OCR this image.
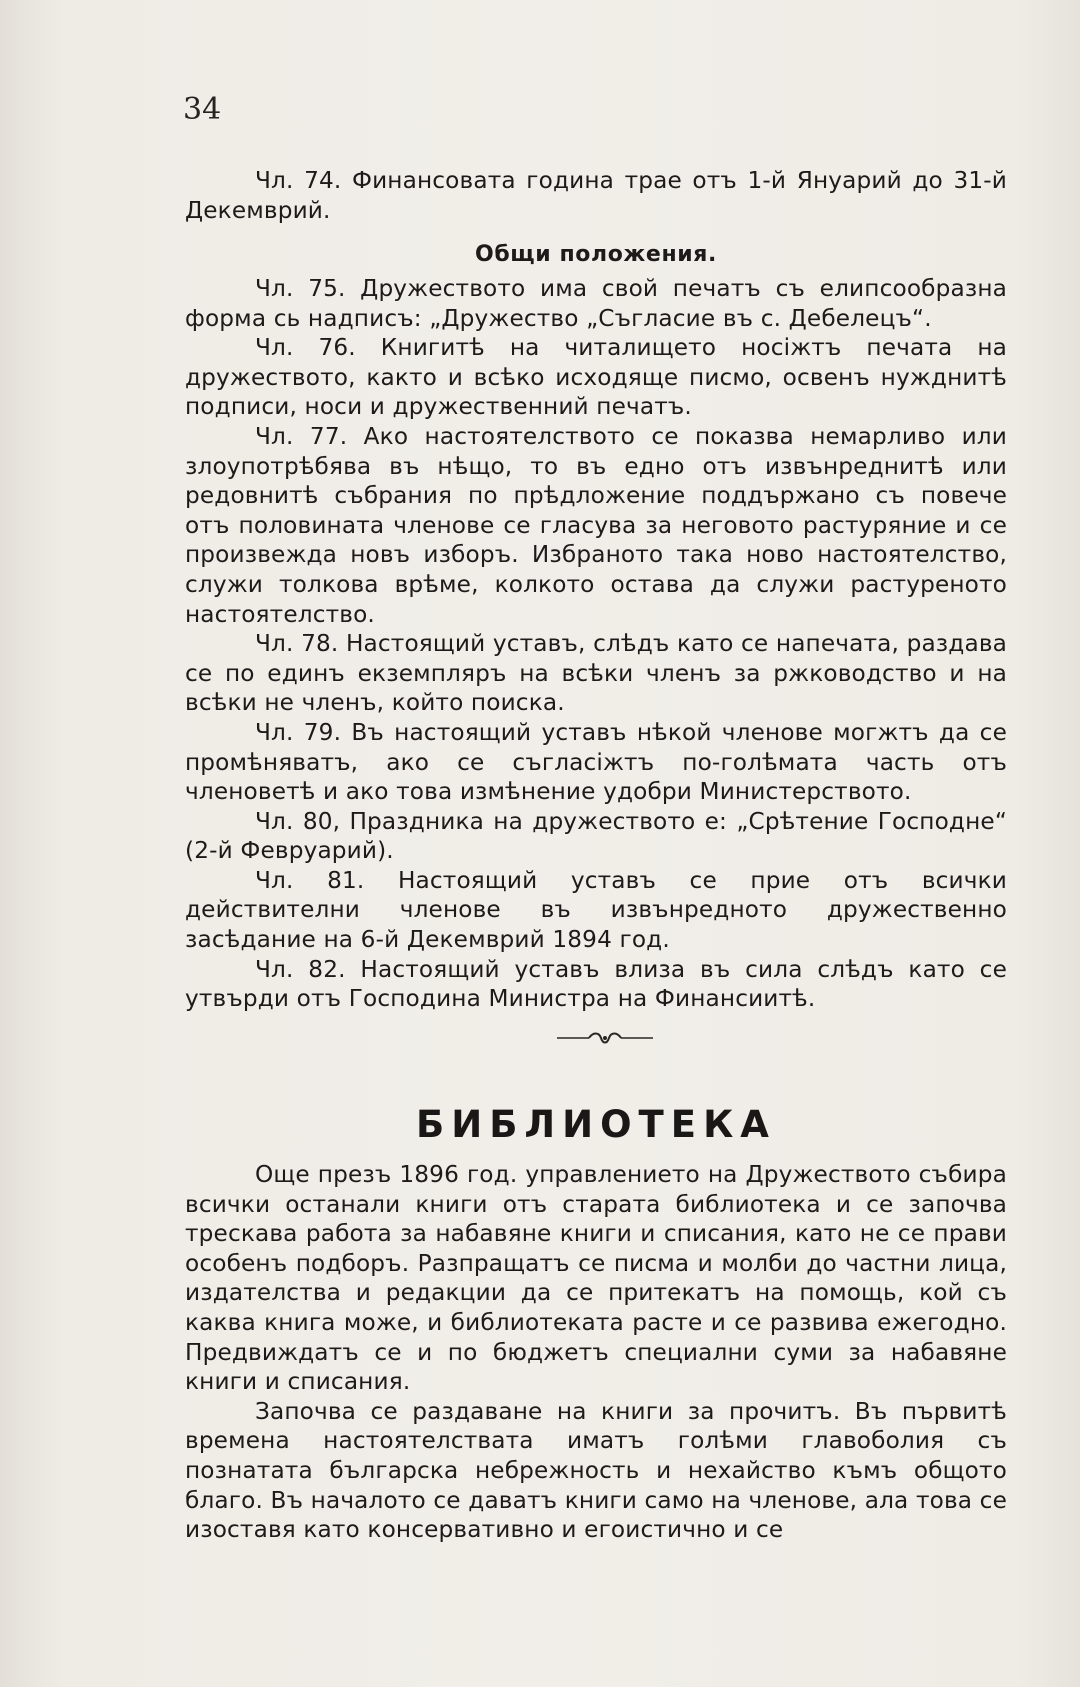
34

Чл. 74. Финансовата година трае отъ 1-й Януарий до 31-й Декемврий.

Общи положения.

Чл. 75. Дружеството има свой печатъ съ елипсообразна форма сь надписъ: „Дружество „Съгласие въ с. Дебелецъ“.

Чл. 76. Книгитѣ на читалището носіжтъ печата на дружеството, както и всѣко исходяще писмо, освенъ нужднитѣ подписи, носи и дружественний печатъ.

Чл. 77. Ако настоятелството се показва немарливо или злоупотрѣбява въ нѣщо, то въ едно отъ извънреднитѣ или редовнитѣ събрания по прѣдложение поддържано съ повече отъ половината членове се гласува за неговото растуряние и се произвежда новъ изборъ. Избраното така ново настоятелство, служи толкова врѣме, колкото остава да служи растуреното настоятелство.

Чл. 78. Настоящий уставъ, слѣдъ като се напечата, раздава се по единъ екземпляръ на всѣки членъ за ржководство и на всѣки не членъ, който поиска.

Чл. 79. Въ настоящий уставъ нѣкой членове могжтъ да се промѣняватъ, ако се съгласіжтъ по-голѣмата часть отъ членоветѣ и ако това измѣнение удобри Министерството.

Чл. 80, Праздника на дружеството е: „Срѣтение Господне“ (2-й Февруарий).

Чл. 81. Настоящий уставъ се прие отъ всички действителни членове въ извънредното дружественно засѣдание на 6-й Декемврий 1894 год.

Чл. 82. Настоящий уставъ влиза въ сила слѣдъ като се утвърди отъ Господина Министра на Финансиитѣ.

БИБЛИОТЕКА

Още презъ 1896 год. управлението на Дружеството събира всички останали книги отъ старата библиотека и се започва трескава работа за набавяне книги и списания, като не се прави особенъ подборъ. Разпращатъ се писма и молби до частни лица, издателства и редакции да се притекатъ на помощь, кой съ каква книга може, и библиотеката расте и се развива ежегодно. Предвиждатъ се и по бюджетъ специални суми за набавяне книги и списания.

Започва се раздаване на книги за прочитъ. Въ първитѣ времена настоятелствата иматъ голѣми главоболия съ познатата българска небрежность и нехайство къмъ общото благо. Въ началото се даватъ книги само на членове, ала това се изоставя като консервативно и егоистично и се
